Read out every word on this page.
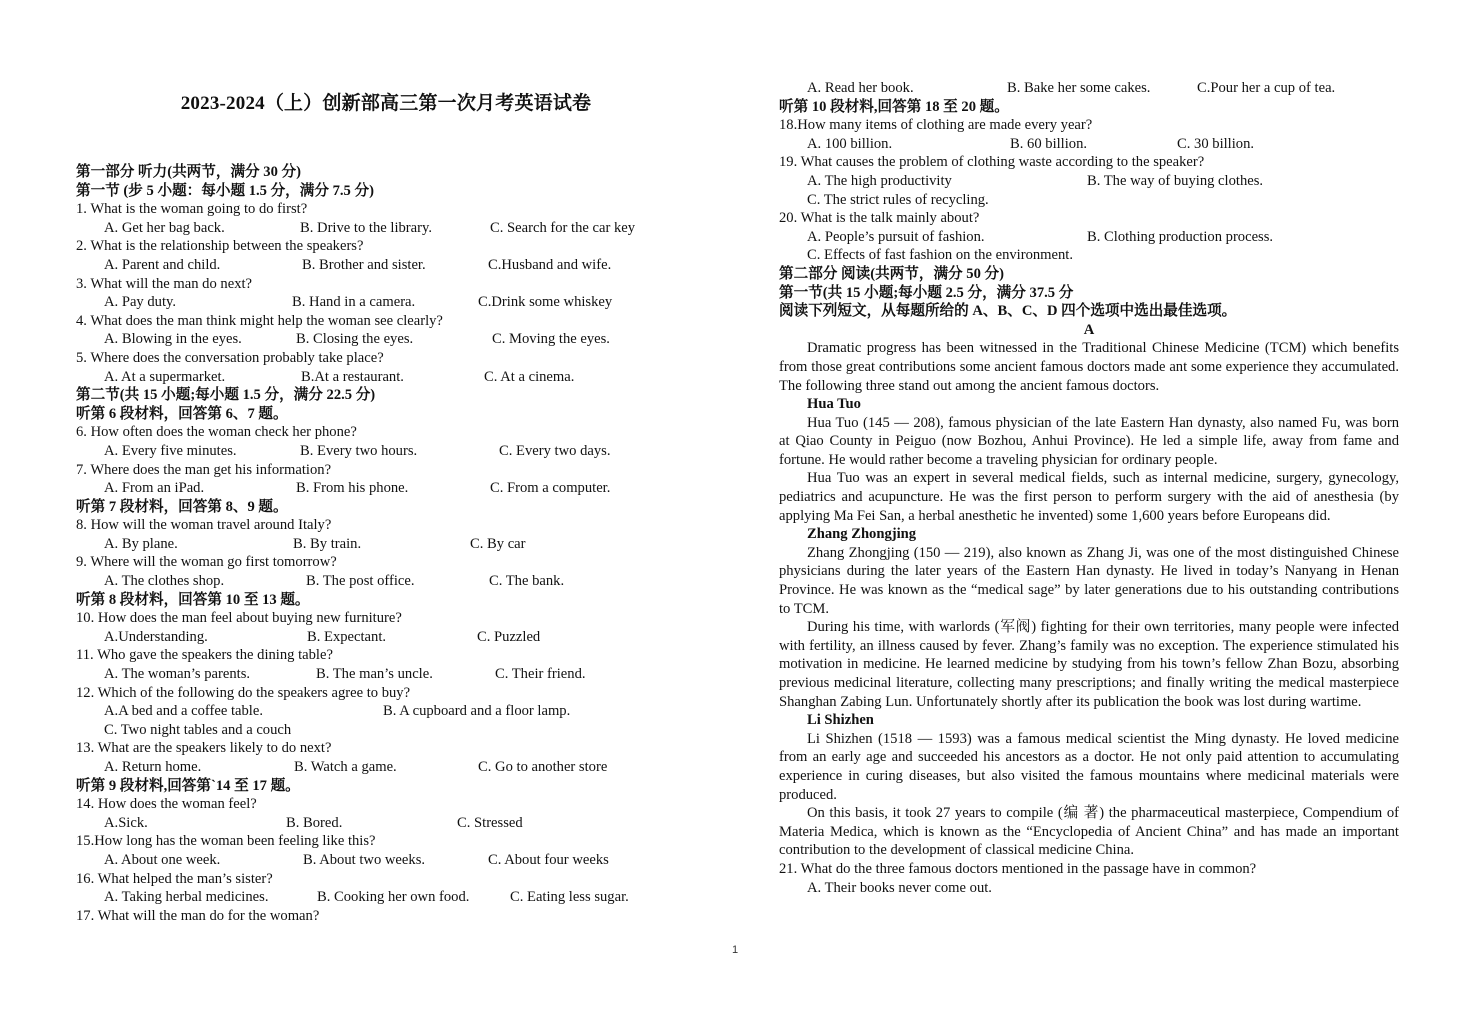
2023-2024（上）创新部高三第一次月考英语试卷
第一部分 听力(共两节，满分 30 分)
第一节 (步 5 小题：每小题 1.5 分，满分 7.5 分)
1. What is the woman going to do first?
A. Get her bag back.	B. Drive to the library.	C. Search for the car key
2. What is the relationship between the speakers?
A. Parent and child.	B. Brother and sister.	C.Husband and wife.
3. What will the man do next?
A. Pay duty.	B. Hand in a camera.	C.Drink some whiskey
4. What does the man think might help the woman see clearly?
A. Blowing in the eyes.	B. Closing the eyes.	C. Moving the eyes.
5. Where does the conversation probably take place?
A. At a supermarket.	B.At a restaurant.	C. At a cinema.
第二节(共 15 小题;每小题 1.5 分，满分 22.5 分)
听第 6 段材料，回答第 6、7 题。
6. How often does the woman check her phone?
A. Every five minutes.	B. Every two hours.	C. Every two days.
7. Where does the man get his information?
A. From an iPad.	B. From his phone.	C. From a computer.
听第 7 段材料，回答第 8、9 题。
8. How will the woman travel around Italy?
A. By plane.	B. By train.	C. By car
9. Where will the woman go first tomorrow?
A. The clothes shop.	B. The post office.	C. The bank.
听第 8 段材料，回答第 10 至 13 题。
10. How does the man feel about buying new furniture?
A.Understanding.	B. Expectant.	C. Puzzled
11. Who gave the speakers the dining table?
A. The woman’s parents.	B. The man’s uncle.	C. Their friend.
12. Which of the following do the speakers agree to buy?
A.A bed and a coffee table.	B. A cupboard and a floor lamp.
C. Two night tables and a couch
13. What are the speakers likely to do next?
A. Return home.	B. Watch a game.	C. Go to another store
听第 9 段材料,回答第`14 至 17 题。
14. How does the woman feel?
A.Sick.	B. Bored.	C. Stressed
15.How long has the woman been feeling like this?
A. About one week.	B. About two weeks.	C. About four weeks
16. What helped the man’s sister?
A. Taking herbal medicines.	B. Cooking her own food.	C. Eating less sugar.
17. What will the man do for the woman?
A. Read her book.	B. Bake her some cakes.	C.Pour her a cup of tea.
听第 10 段材料,回答第 18 至 20 题。
18.How many items of clothing are made every year?
A. 100 billion.	B. 60 billion.	C. 30 billion.
19. What causes the problem of clothing waste according to the speaker?
A. The high productivity	B. The way of buying clothes.
C. The strict rules of recycling.
20. What is the talk mainly about?
A. People’s pursuit of fashion.	B. Clothing production process.
C. Effects of fast fashion on the environment.
第二部分 阅读(共两节，满分 50 分)
第一节(共 15 小题;每小题 2.5 分，满分 37.5 分
阅读下列短文，从每题所给的 A、B、C、D 四个选项中选出最佳选项。
A

Dramatic progress has been witnessed in the Traditional Chinese Medicine (TCM) which benefits from those great contributions some ancient famous doctors made ant some experience they accumulated. The following three stand out among the ancient famous doctors.

Hua Tuo

Hua Tuo (145 — 208), famous physician of the late Eastern Han dynasty, also named Fu, was born at Qiao County in Peiguo (now Bozhou, Anhui Province). He led a simple life, away from fame and fortune. He would rather become a traveling physician for ordinary people.

Hua Tuo was an expert in several medical fields, such as internal medicine, surgery, gynecology, pediatrics and acupuncture. He was the first person to perform surgery with the aid of anesthesia (by applying Ma Fei San, a herbal anesthetic he invented) some 1,600 years before Europeans did.

Zhang Zhongjing

Zhang Zhongjing (150 — 219), also known as Zhang Ji, was one of the most distinguished Chinese physicians during the later years of the Eastern Han dynasty. He lived in today’s Nanyang in Henan Province. He was known as the “medical sage” by later generations due to his outstanding contributions to TCM.

During his time, with warlords (军阀) fighting for their own territories, many people were infected with fertility, an illness caused by fever. Zhang’s family was no exception. The experience stimulated his motivation in medicine. He learned medicine by studying from his town’s fellow Zhan Bozu, absorbing previous medicinal literature, collecting many prescriptions; and finally writing the medical masterpiece Shanghan Zabing Lun. Unfortunately shortly after its publication the book was lost during wartime.

Li Shizhen

Li Shizhen (1518 — 1593) was a famous medical scientist the Ming dynasty. He loved medicine from an early age and succeeded his ancestors as a doctor. He not only paid attention to accumulating experience in curing diseases, but also visited the famous mountains where medicinal materials were produced.

On this basis, it took 27 years to compile (编 著) the pharmaceutical masterpiece, Compendium of Materia Medica, which is known as the “Encyclopedia of Ancient China” and has made an important contribution to the development of classical medicine China.

21. What do the three famous doctors mentioned in the passage have in common?
A. Their books never come out.
1
